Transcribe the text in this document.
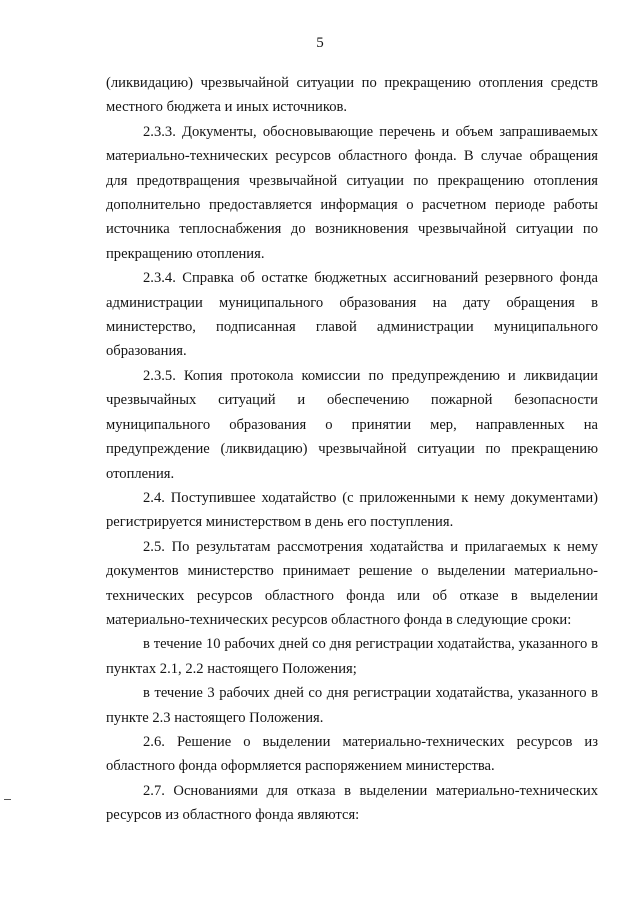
5

(ликвидацию) чрезвычайной ситуации по прекращению отопления средств местного бюджета и иных источников.

2.3.3. Документы, обосновывающие перечень и объем запрашиваемых материально-технических ресурсов областного фонда. В случае обращения для предотвращения чрезвычайной ситуации по прекращению отопления дополнительно предоставляется информация о расчетном периоде работы источника теплоснабжения до возникновения чрезвычайной ситуации по прекращению отопления.

2.3.4. Справка об остатке бюджетных ассигнований резервного фонда администрации муниципального образования на дату обращения в министерство, подписанная главой администрации муниципального образования.

2.3.5. Копия протокола комиссии по предупреждению и ликвидации чрезвычайных ситуаций и обеспечению пожарной безопасности муниципального образования о принятии мер, направленных на предупреждение (ликвидацию) чрезвычайной ситуации по прекращению отопления.

2.4. Поступившее ходатайство (с приложенными к нему документами) регистрируется министерством в день его поступления.

2.5. По результатам рассмотрения ходатайства и прилагаемых к нему документов министерство принимает решение о выделении материально-технических ресурсов областного фонда или об отказе в выделении материально-технических ресурсов областного фонда в следующие сроки:

в течение 10 рабочих дней со дня регистрации ходатайства, указанного в пунктах 2.1, 2.2 настоящего Положения;

в течение 3 рабочих дней со дня регистрации ходатайства, указанного в пункте 2.3 настоящего Положения.

2.6. Решение о выделении материально-технических ресурсов из областного фонда оформляется распоряжением министерства.

2.7. Основаниями для отказа в выделении материально-технических ресурсов из областного фонда являются:
